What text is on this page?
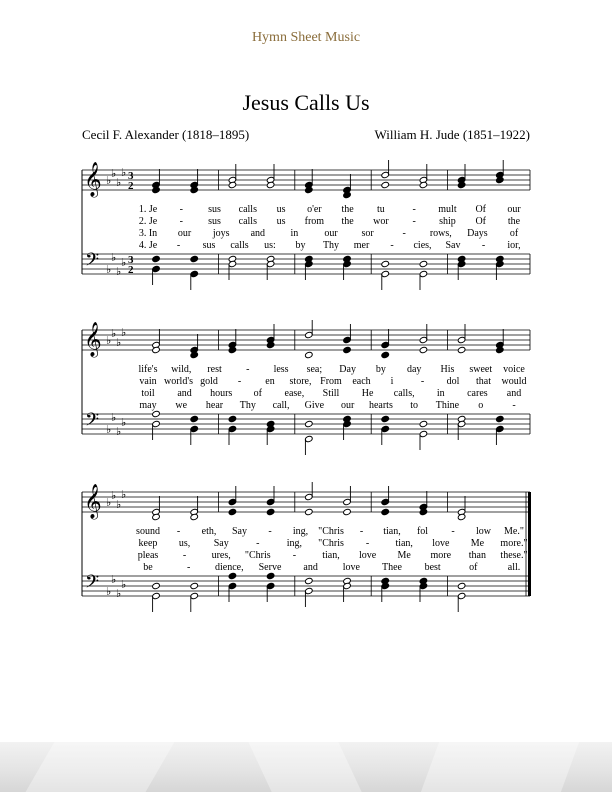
Hymn Sheet Music
Jesus Calls Us
Cecil F. Alexander (1818–1895)	William H. Jude (1851–1922)
𝄞 ♭
♭
♭
♭ 3
2
𝄢 ♭
♭
♭
♭ 3
2
1. Je -	sus calls us o'er the tu	- mult Of our
2. Je -	sus calls us from the wor - ship Of the
3. In our joys and	in	our sor	- rows, Days of
4. Je - sus calls us: by Thy mer - cies, Sav - ior,
𝄞 ♭
♭
♭
♭
𝄢 ♭
♭
♭
♭
life's wild, rest - less sea; Day by day His sweet voice
vain world's gold - en store, From each i	- dol that would
toil and hours of ease, Still He calls, in cares and
may we hear Thy call, Give our hearts to Thine o	-
𝄞 ♭
♭
♭
♭
𝄢 ♭
♭
♭
♭
sound - eth, Say - ing, "Chris - tian, fol - low Me."
keep us, Say	-	ing, "Chris -	tian, love Me more."
pleas -	ures, "Chris -	tian, love Me more than these."
be	- dience, Serve and love Thee best	of	all.
